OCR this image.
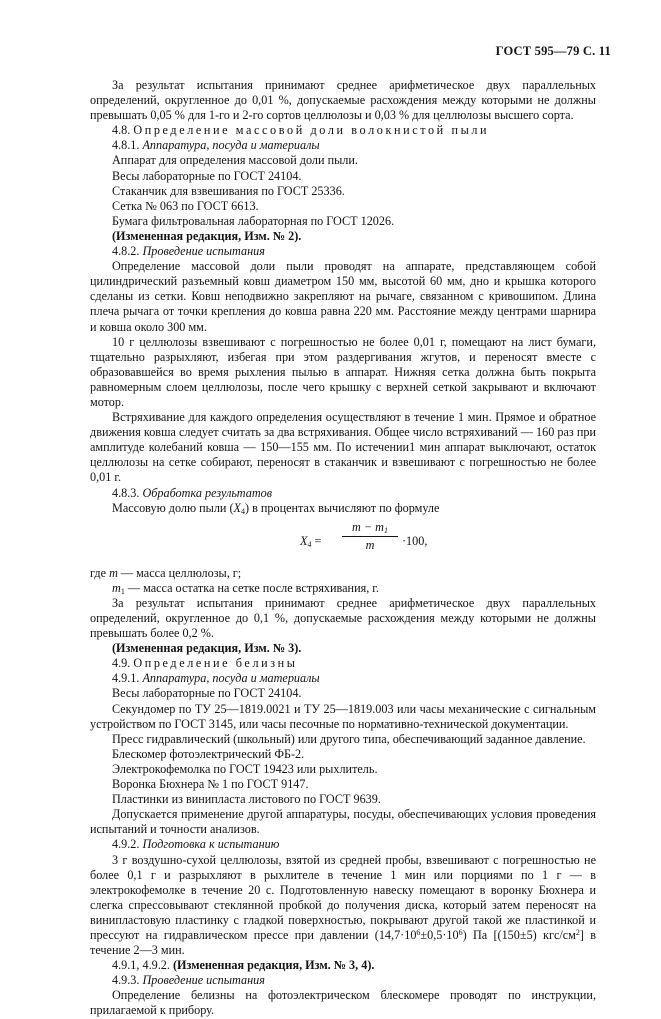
ГОСТ 595—79 С. 11

За результат испытания принимают среднее арифметическое двух параллельных определений, округленное до 0,01 %, допускаемые расхождения между которыми не должны превышать 0,05 % для 1-го и 2-го сортов целлюлозы и 0,03 % для целлюлозы высшего сорта.

4.8. Определение массовой доли волокнистой пыли
4.8.1. Аппаратура, посуда и материалы
Аппарат для определения массовой доли пыли.
Весы лабораторные по ГОСТ 24104.
Стаканчик для взвешивания по ГОСТ 25336.
Сетка № 063 по ГОСТ 6613.
Бумага фильтровальная лабораторная по ГОСТ 12026.
(Измененная редакция, Изм. № 2).
4.8.2. Проведение испытания

Определение массовой доли пыли проводят на аппарате, представляющем собой цилиндрический разъемный ковш диаметром 150 мм, высотой 60 мм, дно и крышка которого сделаны из сетки. Ковш неподвижно закрепляют на рычаге, связанном с кривошипом. Длина плеча рычага от точки крепления до ковша равна 220 мм. Расстояние между центрами шарнира и ковша около 300 мм.

10 г целлюлозы взвешивают с погрешностью не более 0,01 г, помещают на лист бумаги, тщательно разрыхляют, избегая при этом раздергивания жгутов, и переносят вместе с образовавшейся во время рыхления пылью в аппарат. Нижняя сетка должна быть покрыта равномерным слоем целлюлозы, после чего крышку с верхней сеткой закрывают и включают мотор.

Встряхивание для каждого определения осуществляют в течение 1 мин. Прямое и обратное движения ковша следует считать за два встряхивания. Общее число встряхиваний — 160 раз при амплитуде колебаний ковша — 150—155 мм. По истечении1 мин аппарат выключают, остаток целлюлозы на сетке собирают, переносят в стаканчик и взвешивают с погрешностью не более 0,01 г.

4.8.3. Обработка результатов
Массовую долю пыли $(X_4)$ в процентах вычисляют по формуле
$X_4 = \frac{m - m_1}{m} \cdot 100$,
где m — масса целлюлозы, г;
$m_1$ — масса остатка на сетке после встряхивания, г.

За результат испытания принимают среднее арифметическое двух параллельных определений, округленное до 0,1 %, допускаемые расхождения между которыми не должны превышать более 0,2 %.

(Измененная редакция, Изм. № 3).
4.9. Определение белизны
4.9.1. Аппаратура, посуда и материалы
Весы лабораторные по ГОСТ 24104.

Секундомер по ТУ 25—1819.0021 и ТУ 25—1819.003 или часы механические с сигнальным устройством по ГОСТ 3145, или часы песочные по нормативно-технической документации.

Пресс гидравлический (школьный) или другого типа, обеспечивающий заданное давление.
Блескомер фотоэлектрический ФБ-2.
Электрокофемолка по ГОСТ 19423 или рыхлитель.
Воронка Бюхнера № 1 по ГОСТ 9147.
Пластинки из винипласта листового по ГОСТ 9639.

Допускается применение другой аппаратуры, посуды, обеспечивающих условия проведения испытаний и точности анализов.

4.9.2. Подготовка к испытанию

3 г воздушно-сухой целлюлозы, взятой из средней пробы, взвешивают с погрешностью не более 0,1 г и разрыхляют в рыхлителе в течение 1 мин или порциями по 1 г — в электрокофемолке в течение 20 с. Подготовленную навеску помещают в воронку Бюхнера и слегка спрессовывают стеклянной пробкой до получения диска, который затем переносят на винипластовую пластинку с гладкой поверхностью, покрывают другой такой же пластинкой и прессуют на гидравлическом прессе при давлении $(14,7\cdot 10^6\pm 0,5\cdot 10^6)$ Па [(150±5) кгс/$см^2$] в течение 2—3 мин.

4.9.1, 4.9.2. (Измененная редакция, Изм. № 3, 4).
4.9.3. Проведение испытания

Определение белизны на фотоэлектрическом блескомере проводят по инструкции, прилагаемой к прибору.
